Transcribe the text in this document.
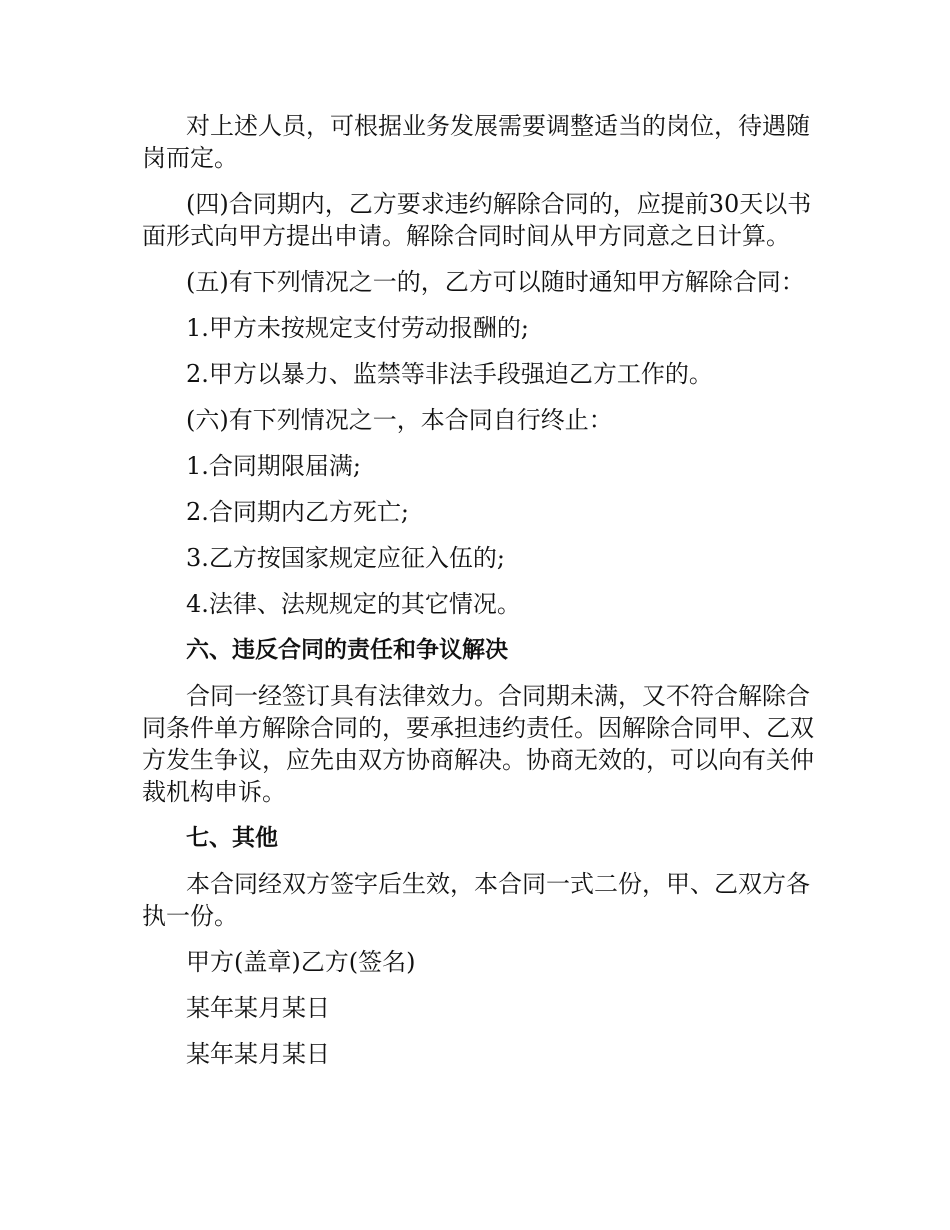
对上述人员，可根据业务发展需要调整适当的岗位，待遇随岗而定。

(四)合同期内，乙方要求违约解除合同的，应提前30天以书面形式向甲方提出申请。解除合同时间从甲方同意之日计算。

(五)有下列情况之一的，乙方可以随时通知甲方解除合同：

1.甲方未按规定支付劳动报酬的;

2.甲方以暴力、监禁等非法手段强迫乙方工作的。

(六)有下列情况之一，本合同自行终止：

1.合同期限届满;

2.合同期内乙方死亡;

3.乙方按国家规定应征入伍的;

4.法律、法规规定的其它情况。

六、违反合同的责任和争议解决

合同一经签订具有法律效力。合同期未满，又不符合解除合同条件单方解除合同的，要承担违约责任。因解除合同甲、乙双方发生争议，应先由双方协商解决。协商无效的，可以向有关仲裁机构申诉。

七、其他

本合同经双方签字后生效，本合同一式二份，甲、乙双方各执一份。

甲方(盖章)乙方(签名)

某年某月某日

某年某月某日
